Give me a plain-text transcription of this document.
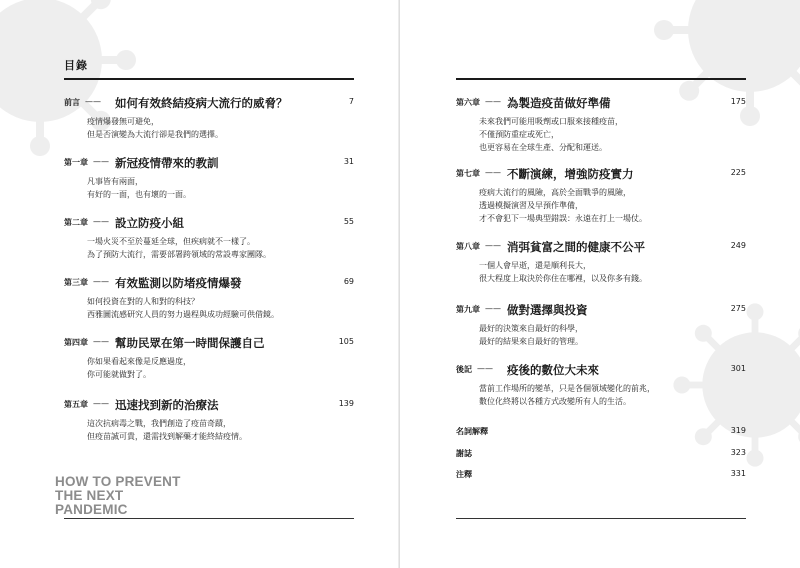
目錄
前言 —— 如何有效終結疫病大流行的威脅？	7
疫情爆發無可避免，
但是否演變為大流行卻是我們的選擇。
第一章 —— 新冠疫情帶來的教訓	31
凡事皆有兩面，
有好的一面，也有壞的一面。
第二章 —— 設立防疫小組	55
一場火災不至於蔓延全球，但疾病就不一樣了。
為了預防大流行，需要部署跨領域的常設專家團隊。
第三章 —— 有效監測以防堵疫情爆發	69
如何投資在對的人和對的科技？
西雅圖流感研究人員的努力過程與成功經驗可供借鏡。
第四章 —— 幫助民眾在第一時間保護自己	105
你如果看起來像是反應過度，
你可能就做對了。
第五章 —— 迅速找到新的治療法	139
這次抗病毒之戰，我們創造了疫苗奇蹟，
但疫苗誠可貴，還需找到解藥才能終結疫情。
HOW TO PREVENT
THE NEXT
PANDEMIC
第六章 —— 為製造疫苗做好準備	175
未來我們可能用吸劑或口服來接種疫苗，
不僅預防重症或死亡，
也更容易在全球生產、分配和運送。
第七章 —— 不斷演練，增強防疫實力	225
疫病大流行的風險，高於全面戰爭的風險，
透過模擬演習及早預作準備，
才不會犯下一場典型錯誤：永遠在打上一場仗。
第八章 —— 消弭貧富之間的健康不公平	249
一個人會早逝，還是順利長大，
很大程度上取決於你住在哪裡，以及你多有錢。
第九章 —— 做對選擇與投資	275
最好的決策來自最好的科學，
最好的結果來自最好的管理。
後記 —— 疫後的數位大未來	301
當前工作場所的變革，只是各個領域變化的前兆，
數位化終將以各種方式改變所有人的生活。
名詞解釋	319
謝誌	323
注釋	331
